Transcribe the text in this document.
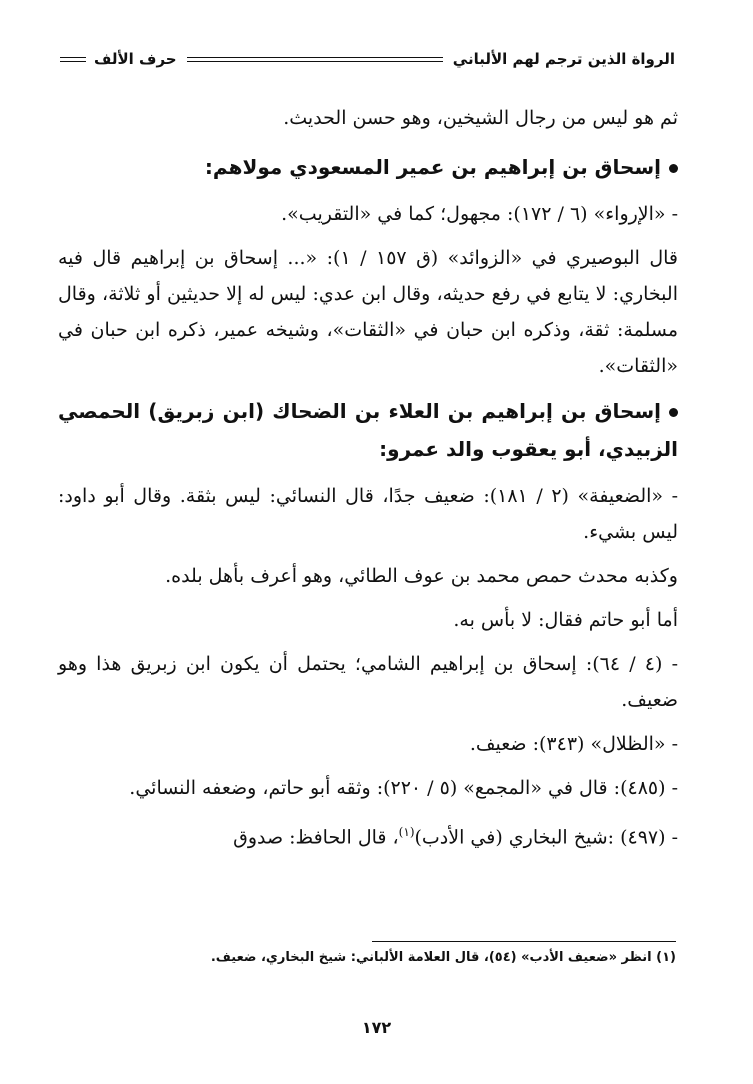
الرواة الذين ترجم لهم الألباني
حرف الألف

ثم هو ليس من رجال الشيخين، وهو حسن الحديث.

إسحاق بن إبراهيم بن عمير المسعودي مولاهم:

- «الإرواء» (٦ / ١٧٢): مجهول؛ كما في «التقريب».

قال البوصيري في «الزوائد» (ق ١٥٧ / ١): «... إسحاق بن إبراهيم قال فيه البخاري: لا يتابع في رفع حديثه، وقال ابن عدي: ليس له إلا حديثين أو ثلاثة، وقال مسلمة: ثقة، وذكره ابن حبان في «الثقات»، وشيخه عمير، ذكره ابن حبان في «الثقات».

إسحاق بن إبراهيم بن العلاء بن الضحاك (ابن زبريق) الحمصي الزبيدي، أبو يعقوب والد عمرو:

- «الضعيفة» (٢ / ١٨١): ضعيف جدًا، قال النسائي: ليس بثقة. وقال أبو داود: ليس بشيء.

وكذبه محدث حمص محمد بن عوف الطائي، وهو أعرف بأهل بلده.

أما أبو حاتم فقال: لا بأس به.

- (٤ / ٦٤): إسحاق بن إبراهيم الشامي؛ يحتمل أن يكون ابن زبريق هذا وهو ضعيف.

- «الظلال» (٣٤٣): ضعيف.

- (٤٨٥): قال في «المجمع» (٥ / ٢٢٠): وثقه أبو حاتم، وضعفه النسائي.

- (٤٩٧) :شيخ البخاري (في الأدب)$^{(١)}$، قال الحافظ: صدوق

(١) انظر «ضعيف الأدب» (٥٤)، قال العلامة الألباني: شيخ البخاري، ضعيف.
١٧٢
